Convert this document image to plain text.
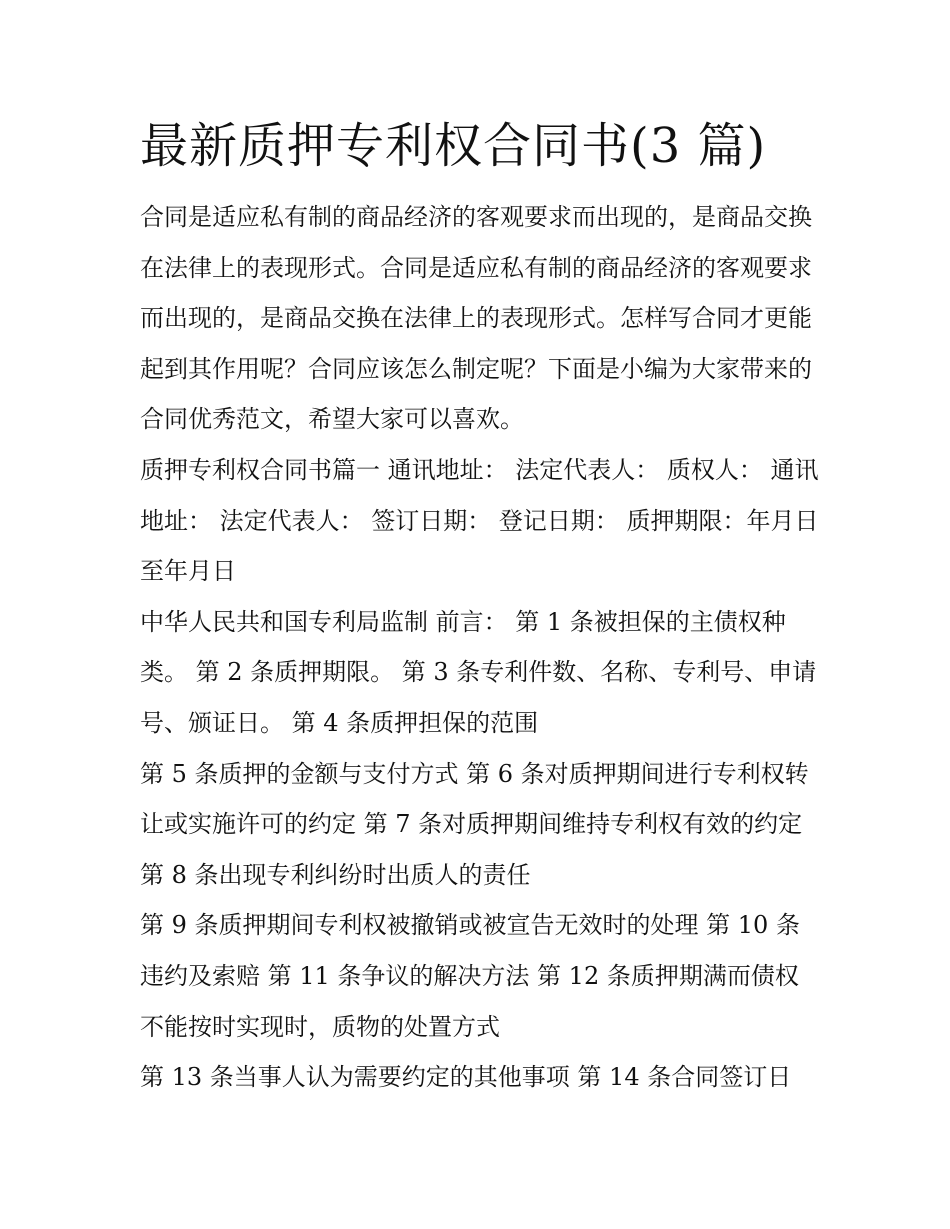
最新质押专利权合同书(3 篇)

合同是适应私有制的商品经济的客观要求而出现的，是商品交换在法律上的表现形式。合同是适应私有制的商品经济的客观要求而出现的，是商品交换在法律上的表现形式。怎样写合同才更能起到其作用呢？合同应该怎么制定呢？下面是小编为大家带来的合同优秀范文，希望大家可以喜欢。

质押专利权合同书篇一 通讯地址： 法定代表人： 质权人： 通讯地址： 法定代表人： 签订日期： 登记日期： 质押期限：年月日至年月日

中华人民共和国专利局监制 前言： 第 1 条被担保的主债权种类。 第 2 条质押期限。 第 3 条专利件数、名称、专利号、申请号、颁证日。 第 4 条质押担保的范围

第 5 条质押的金额与支付方式 第 6 条对质押期间进行专利权转让或实施许可的约定 第 7 条对质押期间维持专利权有效的约定 第 8 条出现专利纠纷时出质人的责任

第 9 条质押期间专利权被撤销或被宣告无效时的处理 第 10 条违约及索赔 第 11 条争议的解决方法 第 12 条质押期满而债权不能按时实现时，质物的处置方式

第 13 条当事人认为需要约定的其他事项 第 14 条合同签订日
